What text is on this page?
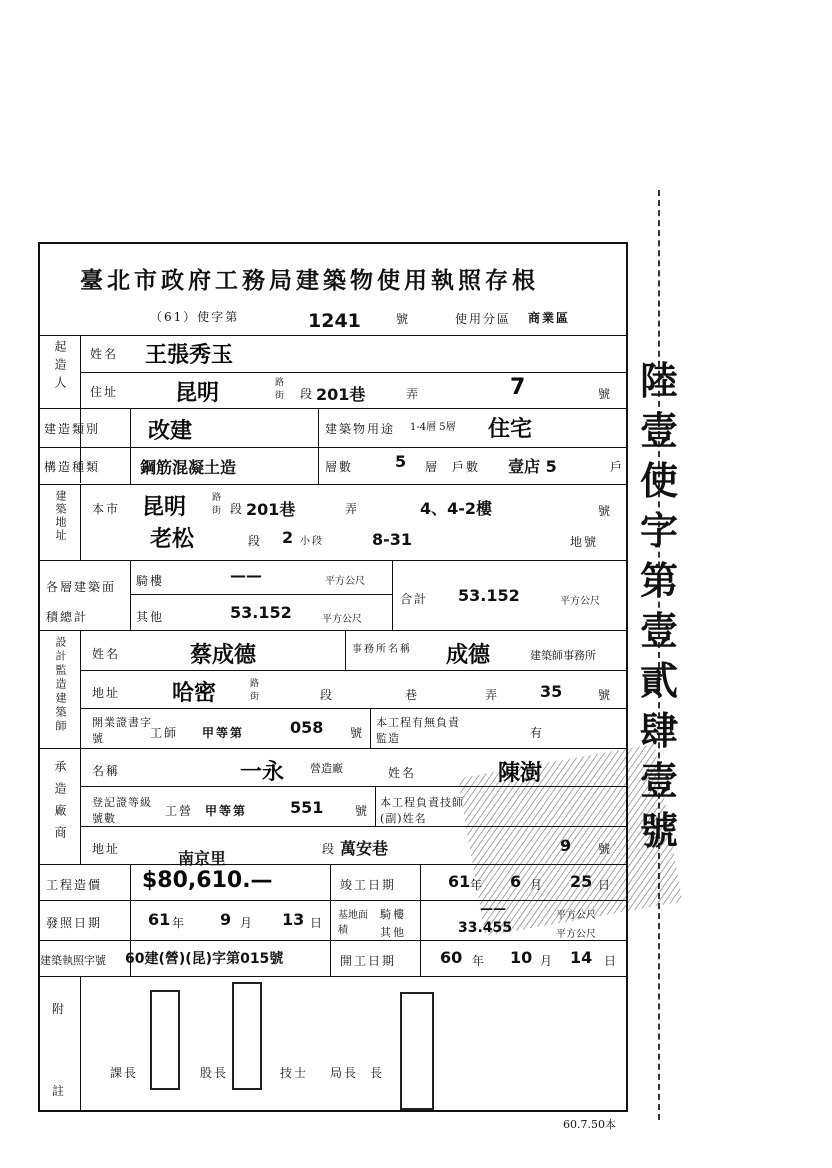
陸
壹
使
字
第
壹
貳
肆
壹
號
臺北市政府工務局建築物使用執照存根
（61）使字第	1241	號	使用分區 商業區
起造人 姓名 王張秀玉
住址	昆明	路
街 段 201巷	弄	7	號
建造類別 改建	建築物用途 1-4層 5層 住宅
構造種類 鋼筋混凝土造	層數	5 層 戶數 壹店 5	戶
建築地址 本市 昆明	路
街 段 201巷	弄	4、4-2樓	號
老松	段 2 小段	8-31	地號
各層建築面積總計
騎樓	——	平方公尺
其他	53.152	平方公尺
合計 53.152	平方公尺
設計監造建築師 姓名	蔡成德	事務所名稱 成德	建築師事務所
地址 哈密	路
街	段	巷	弄	35	號
開業證書字號	工師 甲等第	058 號
本工程有無負責監造	有
承造廠商 名稱	一永 營造廠	姓名	陳澍
登記證等級號數
工營 甲等第	551	號
本工程負責技師(副)姓名
地址	南京里	段 萬安巷	9 號
工程造價 $80,610.—	竣工日期	61 年 6 月 25 日
發照日期	61 年 9 月 13 日
基地面積
騎樓	——	平方公尺
其他	33.455	平方公尺
建築執照字號 60建(營)(昆)字第015號	開工日期	60 年 10 月 14 日
附
註
課長	股長	技士 局長 長
60.7.50本
